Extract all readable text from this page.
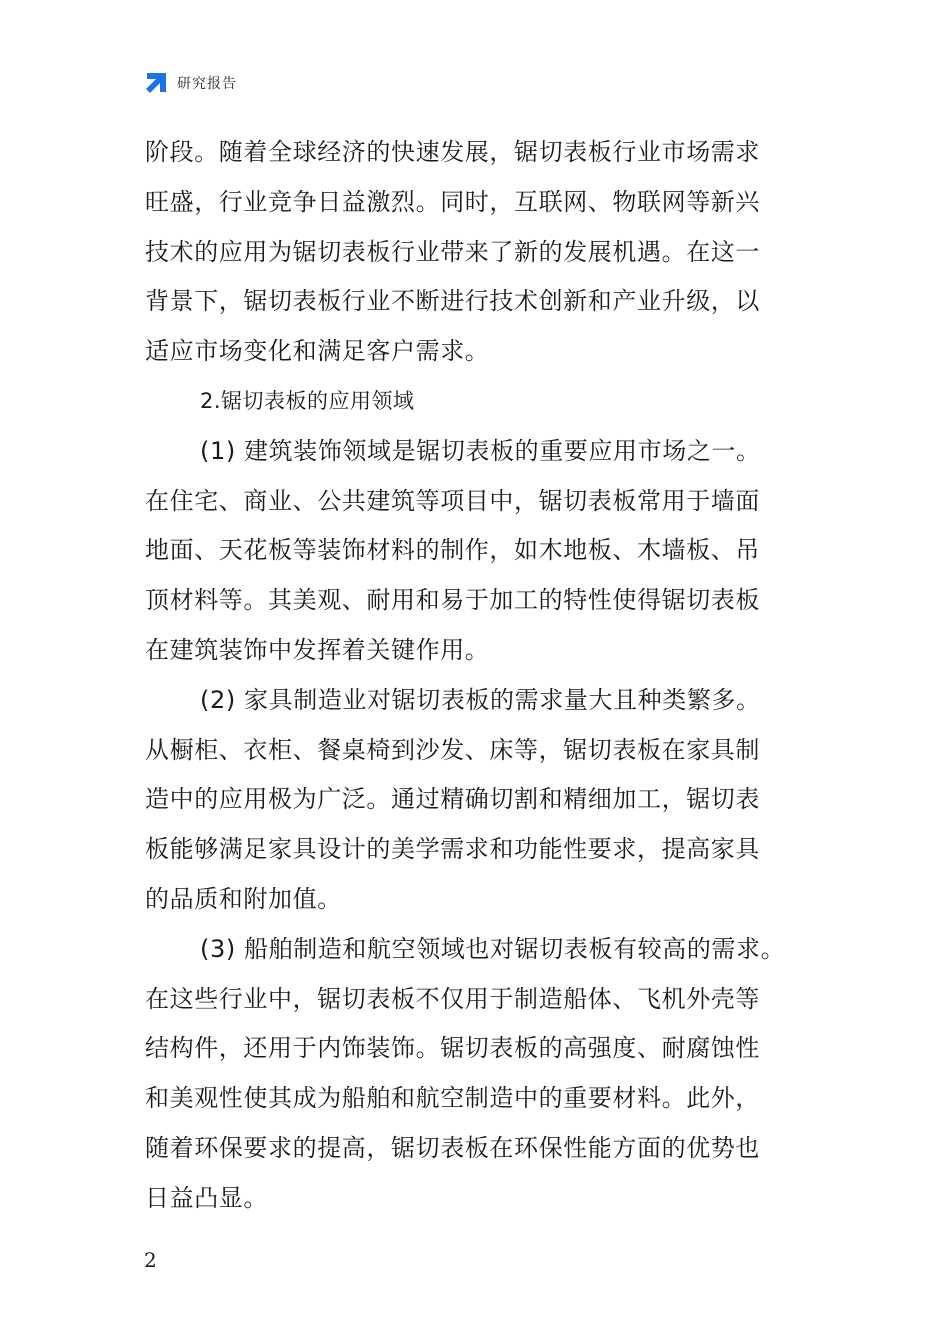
研究报告
阶段。随着全球经济的快速发展，锯切表板行业市场需求
旺盛，行业竞争日益激烈。同时，互联网、物联网等新兴
技术的应用为锯切表板行业带来了新的发展机遇。在这一
背景下，锯切表板行业不断进行技术创新和产业升级，以
适应市场变化和满足客户需求。
2.锯切表板的应用领域
(1) 建筑装饰领域是锯切表板的重要应用市场之一。
在住宅、商业、公共建筑等项目中，锯切表板常用于墙面
地面、天花板等装饰材料的制作，如木地板、木墙板、吊
顶材料等。其美观、耐用和易于加工的特性使得锯切表板
在建筑装饰中发挥着关键作用。
(2) 家具制造业对锯切表板的需求量大且种类繁多。
从橱柜、衣柜、餐桌椅到沙发、床等，锯切表板在家具制
造中的应用极为广泛。通过精确切割和精细加工，锯切表
板能够满足家具设计的美学需求和功能性要求，提高家具
的品质和附加值。
(3) 船舶制造和航空领域也对锯切表板有较高的需求。
在这些行业中，锯切表板不仅用于制造船体、飞机外壳等
结构件，还用于内饰装饰。锯切表板的高强度、耐腐蚀性
和美观性使其成为船舶和航空制造中的重要材料。此外，
随着环保要求的提高，锯切表板在环保性能方面的优势也
日益凸显。
2
